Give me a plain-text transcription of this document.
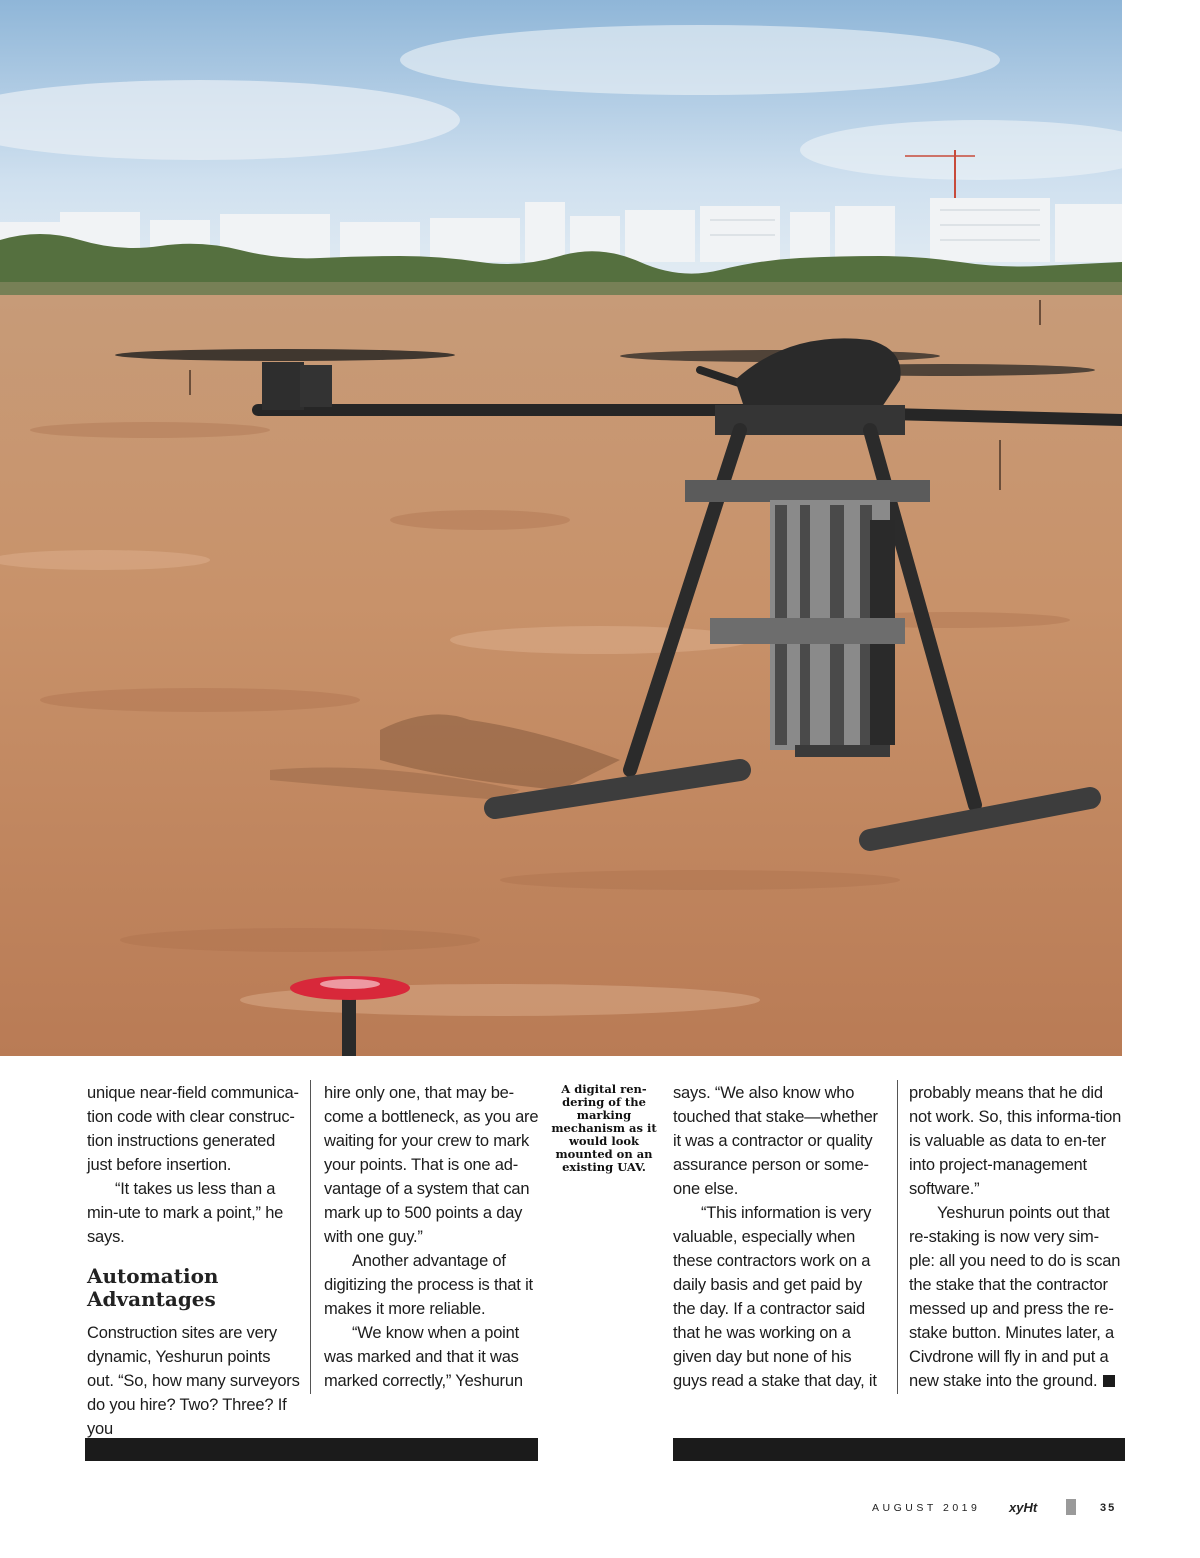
unique near-field communica-tion code with clear construc-tion instructions generated just before insertion.

“It takes us less than a min-ute to mark a point,” he says.

Automation Advantages

Construction sites are very dynamic, Yeshurun points out. “So, how many surveyors do you hire? Two? Three? If you

hire only one, that may be-come a bottleneck, as you are waiting for your crew to mark your points. That is one ad-vantage of a system that can mark up to 500 points a day with one guy.”

Another advantage of digitizing the process is that it makes it more reliable.

“We know when a point was marked and that it was marked correctly,” Yeshurun

A digital ren-dering of the marking mechanism as it would look mounted on an existing UAV.

says. “We also know who touched that stake—whether it was a contractor or quality assurance person or some-one else.

“This information is very valuable, especially when these contractors work on a daily basis and get paid by the day. If a contractor said that he was working on a given day but none of his guys read a stake that day, it

probably means that he did not work. So, this informa-tion is valuable as data to en-ter into project-management software.”

Yeshurun points out that re-staking is now very sim-ple: all you need to do is scan the stake that the contractor messed up and press the re-stake button. Minutes later, a Civdrone will fly in and put a new stake into the ground.

AUGUST 2019 xyHt	35
